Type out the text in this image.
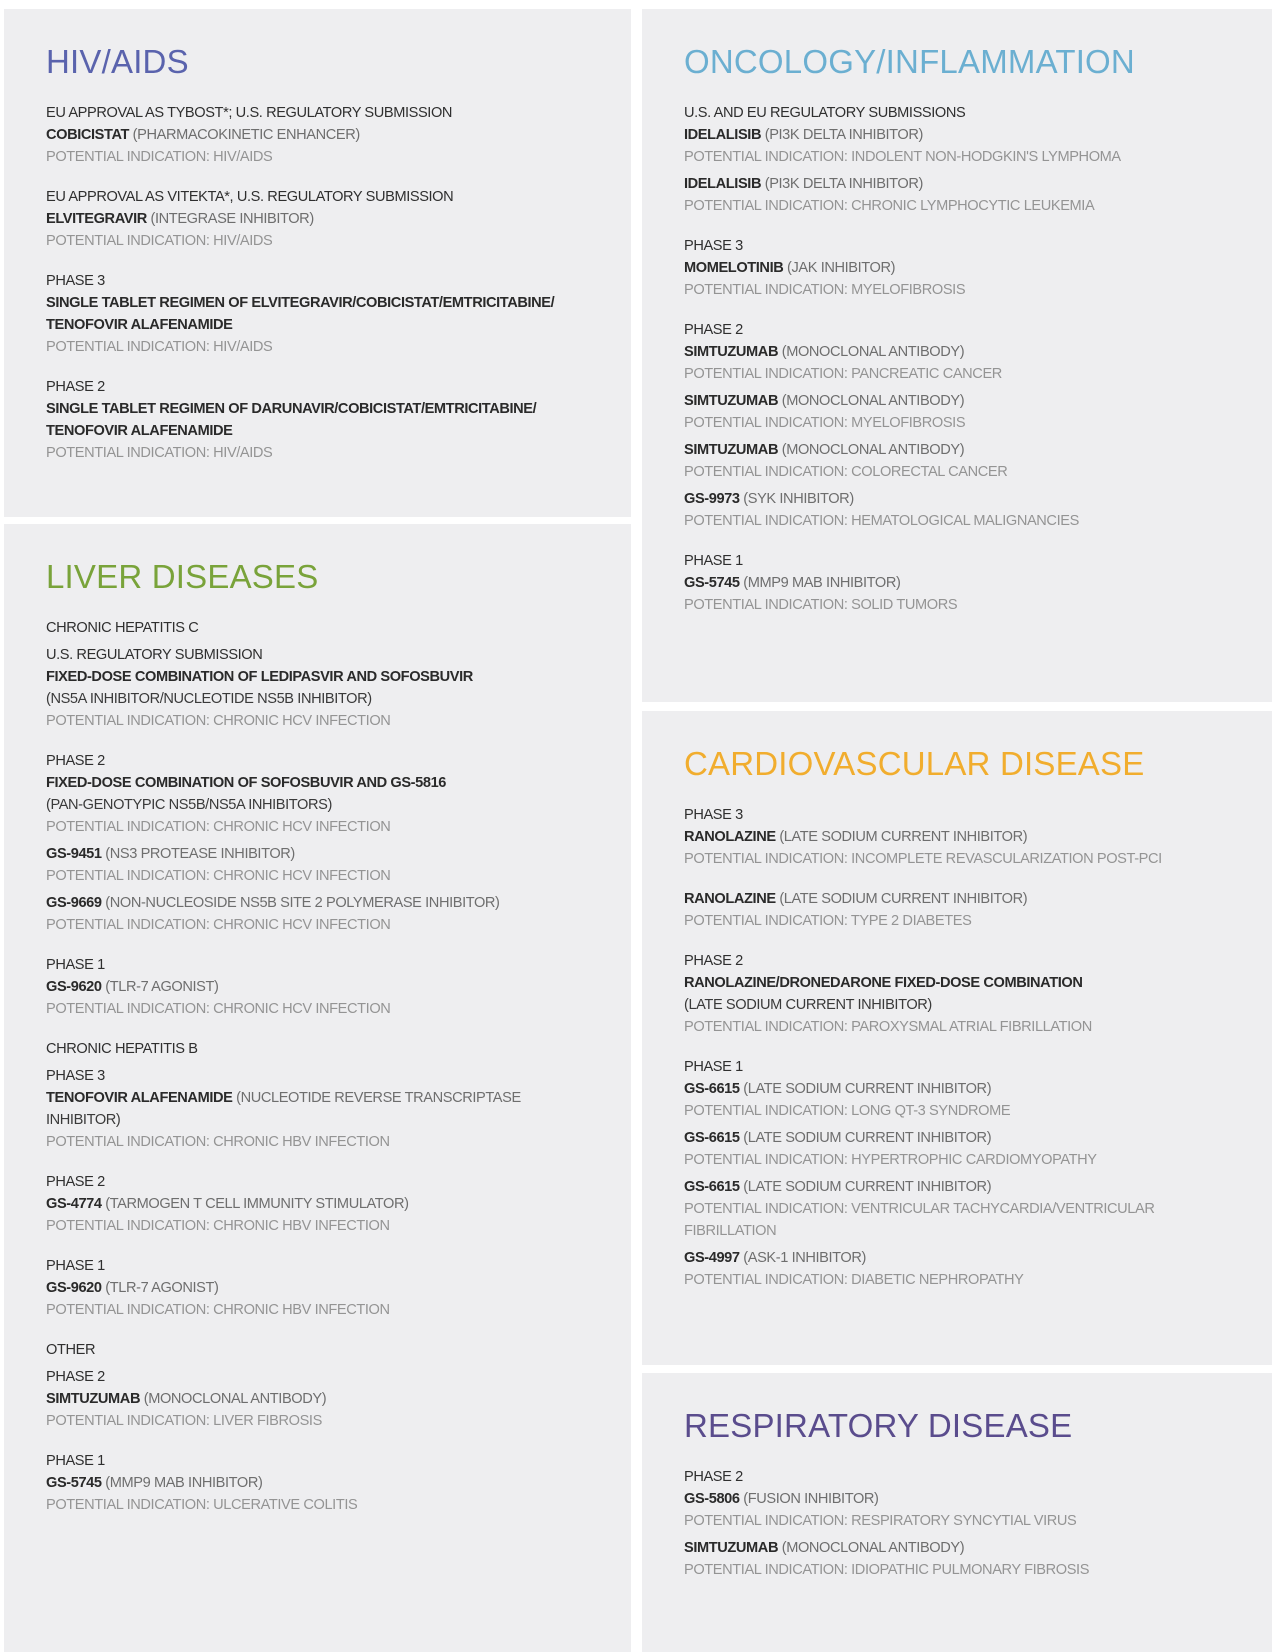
HIV/AIDS
EU APPROVAL AS TYBOST*; U.S. REGULATORY SUBMISSION
COBICISTAT (PHARMACOKINETIC ENHANCER)
POTENTIAL INDICATION: HIV/AIDS
EU APPROVAL AS VITEKTA*, U.S. REGULATORY SUBMISSION
ELVITEGRAVIR (INTEGRASE INHIBITOR)
POTENTIAL INDICATION: HIV/AIDS
PHASE 3
SINGLE TABLET REGIMEN OF ELVITEGRAVIR/COBICISTAT/EMTRICITABINE/
TENOFOVIR ALAFENAMIDE
POTENTIAL INDICATION: HIV/AIDS
PHASE 2
SINGLE TABLET REGIMEN OF DARUNAVIR/COBICISTAT/EMTRICITABINE/
TENOFOVIR ALAFENAMIDE
POTENTIAL INDICATION: HIV/AIDS
LIVER DISEASES
CHRONIC HEPATITIS C
U.S. REGULATORY SUBMISSION
FIXED-DOSE COMBINATION OF LEDIPASVIR AND SOFOSBUVIR
(NS5A INHIBITOR/NUCLEOTIDE NS5B INHIBITOR)
POTENTIAL INDICATION: CHRONIC HCV INFECTION
PHASE 2
FIXED-DOSE COMBINATION OF SOFOSBUVIR AND GS-5816
(PAN-GENOTYPIC NS5B/NS5A INHIBITORS)
POTENTIAL INDICATION: CHRONIC HCV INFECTION
GS-9451 (NS3 PROTEASE INHIBITOR)
POTENTIAL INDICATION: CHRONIC HCV INFECTION
GS-9669 (NON-NUCLEOSIDE NS5B SITE 2 POLYMERASE INHIBITOR)
POTENTIAL INDICATION: CHRONIC HCV INFECTION
PHASE 1
GS-9620 (TLR-7 AGONIST)
POTENTIAL INDICATION: CHRONIC HCV INFECTION
CHRONIC HEPATITIS B
PHASE 3
TENOFOVIR ALAFENAMIDE (NUCLEOTIDE REVERSE TRANSCRIPTASE
INHIBITOR)
POTENTIAL INDICATION: CHRONIC HBV INFECTION
PHASE 2
GS-4774 (TARMOGEN T CELL IMMUNITY STIMULATOR)
POTENTIAL INDICATION: CHRONIC HBV INFECTION
PHASE 1
GS-9620 (TLR-7 AGONIST)
POTENTIAL INDICATION: CHRONIC HBV INFECTION
OTHER
PHASE 2
SIMTUZUMAB (MONOCLONAL ANTIBODY)
POTENTIAL INDICATION: LIVER FIBROSIS
PHASE 1
GS-5745 (MMP9 MAB INHIBITOR)
POTENTIAL INDICATION: ULCERATIVE COLITIS
ONCOLOGY/INFLAMMATION
U.S. AND EU REGULATORY SUBMISSIONS
IDELALISIB (PI3K DELTA INHIBITOR)
POTENTIAL INDICATION: INDOLENT NON-HODGKIN'S LYMPHOMA
IDELALISIB (PI3K DELTA INHIBITOR)
POTENTIAL INDICATION: CHRONIC LYMPHOCYTIC LEUKEMIA
PHASE 3
MOMELOTINIB (JAK INHIBITOR)
POTENTIAL INDICATION: MYELOFIBROSIS
PHASE 2
SIMTUZUMAB (MONOCLONAL ANTIBODY)
POTENTIAL INDICATION: PANCREATIC CANCER
SIMTUZUMAB (MONOCLONAL ANTIBODY)
POTENTIAL INDICATION: MYELOFIBROSIS
SIMTUZUMAB (MONOCLONAL ANTIBODY)
POTENTIAL INDICATION: COLORECTAL CANCER
GS-9973 (SYK INHIBITOR)
POTENTIAL INDICATION: HEMATOLOGICAL MALIGNANCIES
PHASE 1
GS-5745 (MMP9 MAB INHIBITOR)
POTENTIAL INDICATION: SOLID TUMORS
CARDIOVASCULAR DISEASE
PHASE 3
RANOLAZINE (LATE SODIUM CURRENT INHIBITOR)
POTENTIAL INDICATION: INCOMPLETE REVASCULARIZATION POST-PCI
RANOLAZINE (LATE SODIUM CURRENT INHIBITOR)
POTENTIAL INDICATION: TYPE 2 DIABETES
PHASE 2
RANOLAZINE/DRONEDARONE FIXED-DOSE COMBINATION
(LATE SODIUM CURRENT INHIBITOR)
POTENTIAL INDICATION: PAROXYSMAL ATRIAL FIBRILLATION
PHASE 1
GS-6615 (LATE SODIUM CURRENT INHIBITOR)
POTENTIAL INDICATION: LONG QT-3 SYNDROME
GS-6615 (LATE SODIUM CURRENT INHIBITOR)
POTENTIAL INDICATION: HYPERTROPHIC CARDIOMYOPATHY
GS-6615 (LATE SODIUM CURRENT INHIBITOR)
POTENTIAL INDICATION: VENTRICULAR TACHYCARDIA/VENTRICULAR
FIBRILLATION
GS-4997 (ASK-1 INHIBITOR)
POTENTIAL INDICATION: DIABETIC NEPHROPATHY
RESPIRATORY DISEASE
PHASE 2
GS-5806 (FUSION INHIBITOR)
POTENTIAL INDICATION: RESPIRATORY SYNCYTIAL VIRUS
SIMTUZUMAB (MONOCLONAL ANTIBODY)
POTENTIAL INDICATION: IDIOPATHIC PULMONARY FIBROSIS
